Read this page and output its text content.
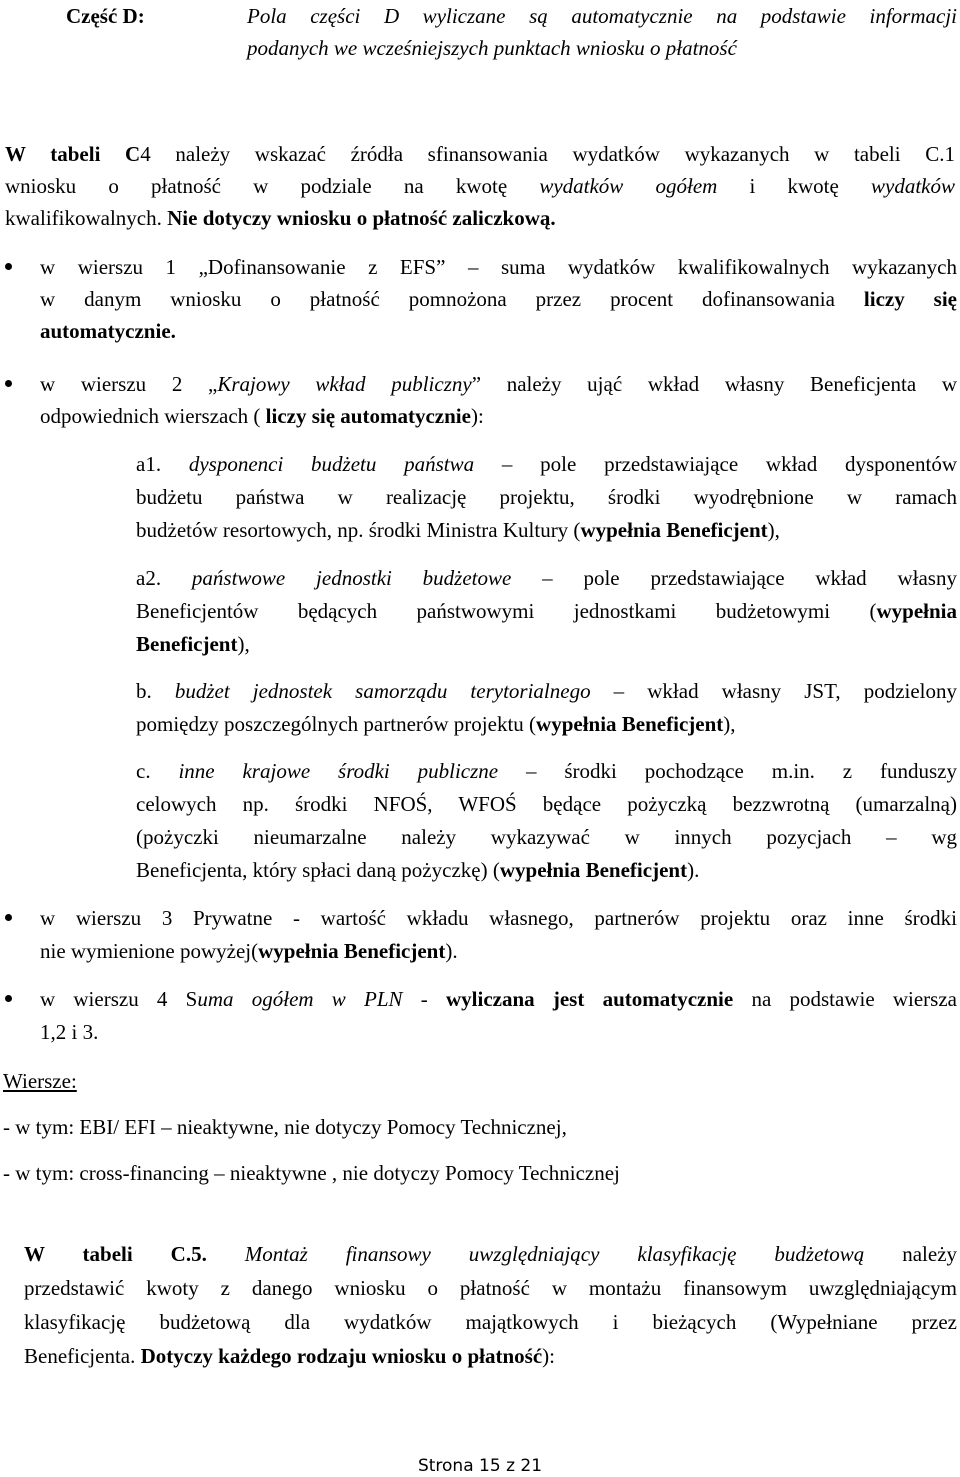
Część D:	Pola części D wyliczane są automatycznie na podstawie informacji
podanych we wcześniejszych punktach wniosku o płatność
W tabeli C4 należy wskazać źródła sfinansowania wydatków wykazanych w tabeli C.1
wniosku o płatność w podziale na kwotę wydatków ogółem i kwotę wydatków
kwalifikowalnych. Nie dotyczy wniosku o płatność zaliczkową.
w wierszu 1 „Dofinansowanie z EFS” – suma wydatków kwalifikowalnych wykazanych
w danym wniosku o płatność pomnożona przez procent dofinansowania liczy się
automatycznie.
w wierszu 2 „Krajowy wkład publiczny” należy ująć wkład własny Beneficjenta w
odpowiednich wierszach ( liczy się automatycznie):
a1. dysponenci budżetu państwa – pole przedstawiające wkład dysponentów
budżetu państwa w realizację projektu, środki wyodrębnione w ramach
budżetów resortowych, np. środki Ministra Kultury (wypełnia Beneficjent),
a2. państwowe jednostki budżetowe – pole przedstawiające wkład własny
Beneficjentów będących państwowymi jednostkami budżetowymi (wypełnia
Beneficjent),
b. budżet jednostek samorządu terytorialnego – wkład własny JST, podzielony
pomiędzy poszczególnych partnerów projektu (wypełnia Beneficjent),
c. inne krajowe środki publiczne – środki pochodzące m.in. z funduszy
celowych np. środki NFOŚ, WFOŚ będące pożyczką bezzwrotną (umarzalną)
(pożyczki nieumarzalne należy wykazywać w innych pozycjach – wg
Beneficjenta, który spłaci daną pożyczkę) (wypełnia Beneficjent).
w wierszu 3 Prywatne - wartość wkładu własnego, partnerów projektu oraz inne środki
nie wymienione powyżej(wypełnia Beneficjent).
w wierszu 4 Suma ogółem w PLN - wyliczana jest automatycznie na podstawie wiersza
1,2 i 3.
Wiersze:
- w tym: EBI/ EFI – nieaktywne, nie dotyczy Pomocy Technicznej,
- w tym: cross-financing – nieaktywne , nie dotyczy Pomocy Technicznej
W tabeli C.5. Montaż finansowy uwzględniający klasyfikację budżetową należy
przedstawić kwoty z danego wniosku o płatność w montażu finansowym uwzględniającym
klasyfikację budżetową dla wydatków majątkowych i bieżących (Wypełniane przez
Beneficjenta. Dotyczy każdego rodzaju wniosku o płatność):
Strona 15 z 21
